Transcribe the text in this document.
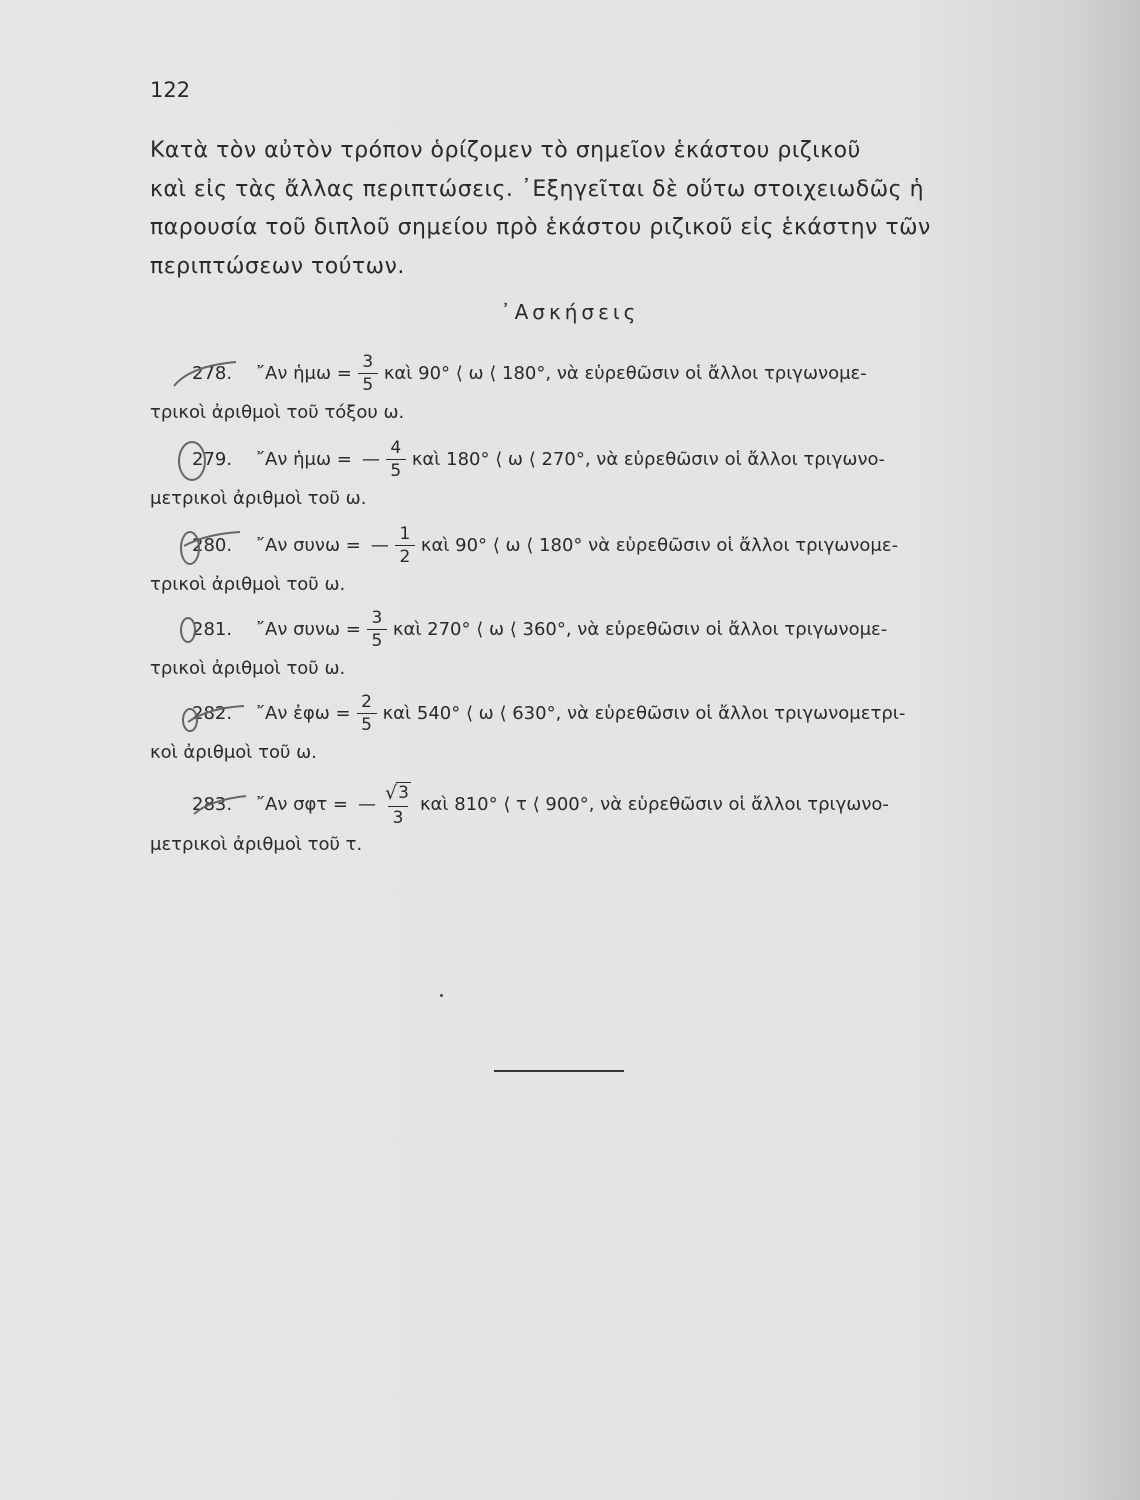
122
Κατὰ τὸν αὐτὸν τρόπον ὁρίζομεν τὸ σημεῖον ἑκάστου ριζικοῦ
καὶ εἰς τὰς ἄλλας περιπτώσεις. ᾿Εξηγεῖται δὲ οὕτω στοιχειωδῶς ἡ
παρουσία τοῦ διπλοῦ σημείου πρὸ ἑκάστου ριζικοῦ εἰς ἑκάστην τῶν
περιπτώσεων τούτων.
᾿Ασκήσεις
278.	῎Αν ἡμω = $\frac{3}{5}$ καὶ 90° ⟨ ω ⟨ 180°, νὰ εὑρεθῶσιν οἱ ἄλλοι τριγωνομε-
τρικοὶ ἀριθμοὶ τοῦ τόξου ω.
279.	῎Αν ἡμω = — $\frac{4}{5}$ καὶ 180° ⟨ ω ⟨ 270°, νὰ εὑρεθῶσιν οἱ ἄλλοι τριγωνο-
μετρικοὶ ἀριθμοὶ τοῦ ω.
280.	῎Αν συνω = — $\frac{1}{2}$ καὶ 90° ⟨ ω ⟨ 180° νὰ εὑρεθῶσιν οἱ ἄλλοι τριγωνομε-
τρικοὶ ἀριθμοὶ τοῦ ω.
281.	῎Αν $\sigma\upsilon\nu\omega = \frac{3}{5}$ καὶ 270° ⟨ ω ⟨ 360°, νὰ εὑρεθῶσιν οἱ ἄλλοι τριγωνομε-
τρικοὶ ἀριθμοὶ τοῦ ω.
282.	῎Αν ἐφω = $\frac{2}{5}$ καὶ 540° ⟨ ω ⟨ 630°, νὰ εὑρεθῶσιν οἱ ἄλλοι τριγωνομετρι-
κοὶ ἀριθμοὶ τοῦ ω.
283.	῎Αν σφτ = — $\frac{√ 3}{3}$ καὶ 810° ⟨ τ ⟨ 900°, νὰ εὑρεθῶσιν οἱ ἄλλοι τριγωνο-
μετρικοὶ ἀριθμοὶ τοῦ τ.
